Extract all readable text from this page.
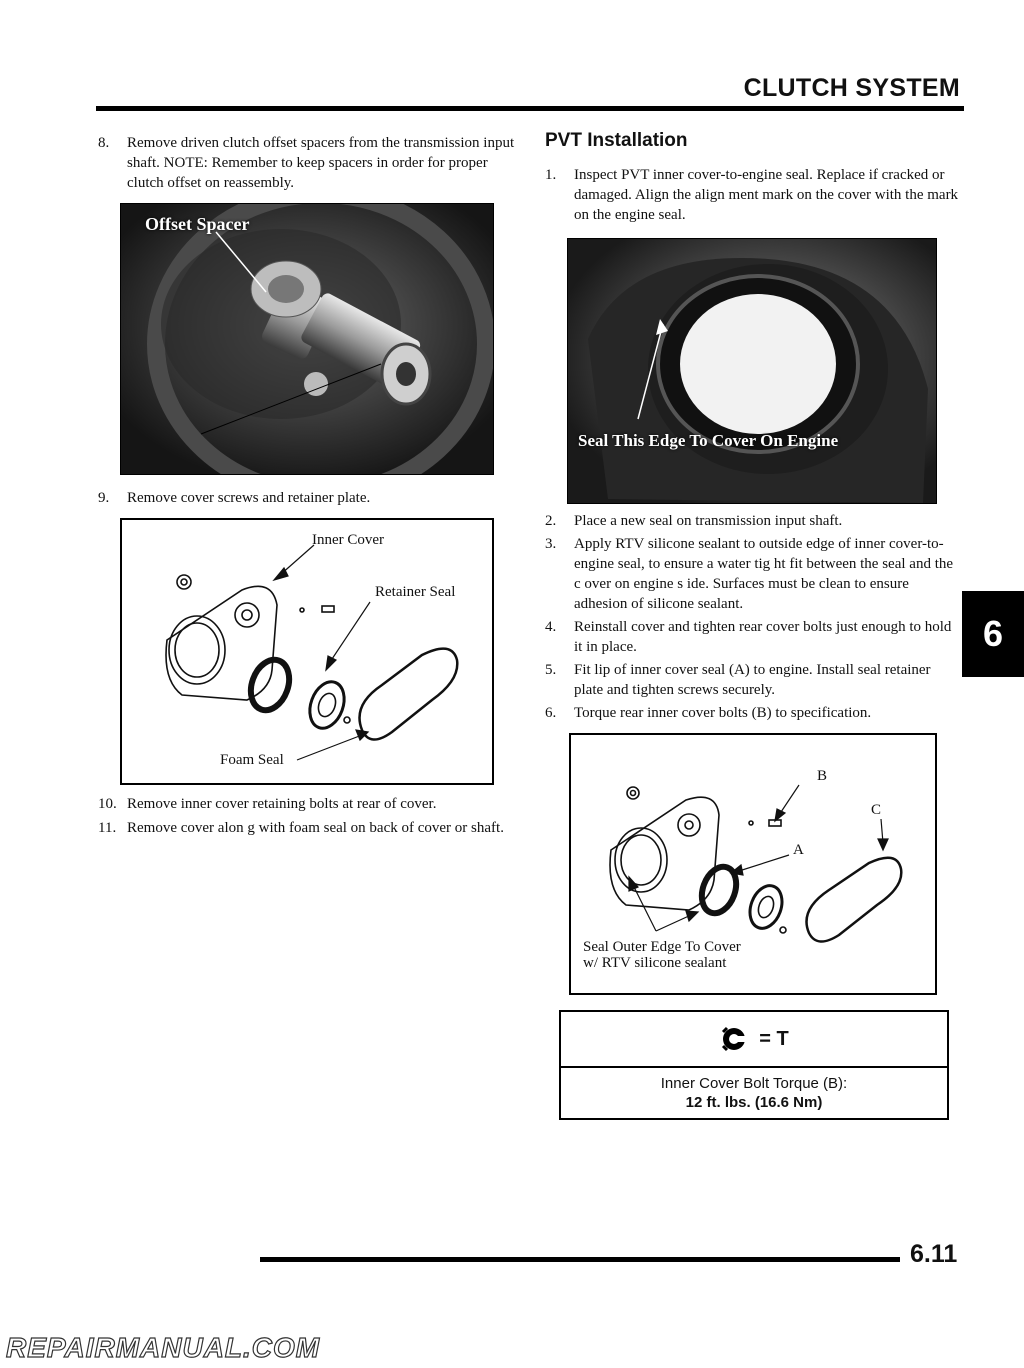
CLUTCH SYSTEM
8. Remove driven clutch offset spacers from the transmission input shaft. NOTE: Remember to keep spacers in order for proper clutch offset on reassembly.
Offset Spacer
9. Remove cover screws and retainer plate.
Inner Cover
Retainer Seal
Foam Seal
10. Remove inner cover retaining bolts at rear of cover.
11. Remove cover alon g with foam seal on back of cover or shaft.
PVT Installation
1. Inspect PVT inner cover-to-engine seal. Replace if cracked or damaged. Align the align ment mark on the cover with the mark on the engine seal.
Seal This Edge To Cover On Engine
2. Place a new seal on transmission input shaft.
3. Apply RTV silicone sealant to outside edge of inner cover-to-engine seal, to ensure a water tig ht fit between the seal and the c over on engine s ide. Surfaces must be clean to ensure adhesion of silicone sealant.
4. Reinstall cover and tighten rear cover bolts just enough to hold it in place.
5. Fit lip of inner cover seal (A) to engine. Install seal retainer plate and tighten screws securely.
6. Torque rear inner cover bolts (B) to specification.
B
C
A
Seal Outer Edge To Cover
w/ RTV silicone sealant
= T
Inner Cover Bolt Torque (B):
12 ft. lbs. (16.6 Nm)
6
6.11
REPAIRMANUAL.COM
